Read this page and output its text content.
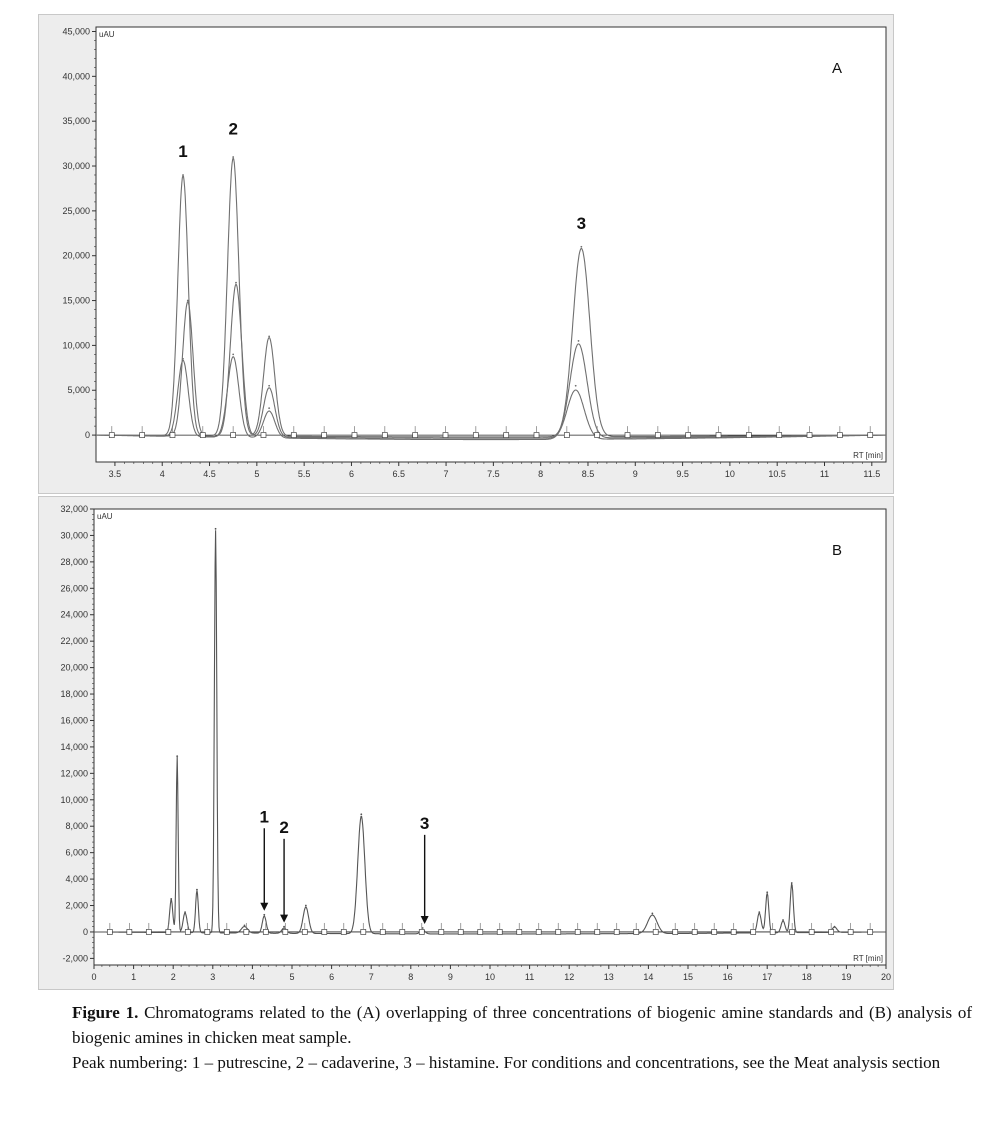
0
5,000
10,000
15,000
20,000
25,000
30,000
35,000
40,000
45,000
3.5	4	4.5	5	5.5	6	6.5	7	7.5	8	8.5	9	9.5	10	10.5	11	11.5
uAU
RT [min]
A
1
2
3
-2,000
0
2,000
4,000
6,000
8,000
10,000
12,000
14,000
16,000
18,000
20,000
22,000
24,000
26,000
28,000
30,000
32,000
0	1	2	3	4	5	6	7	8	9	10	11	12	13	14	15	16	17	18	19	20
uAU
RT [min]
B
1
2	3

Figure 1. Chromatograms related to the (A) overlapping of three concentrations of biogenic amine standards and (B) analysis of biogenic amines in chicken meat sample.

Peak numbering: 1 – putrescine, 2 – cadaverine, 3 – histamine. For conditions and concentrations, see the Meat analysis section
